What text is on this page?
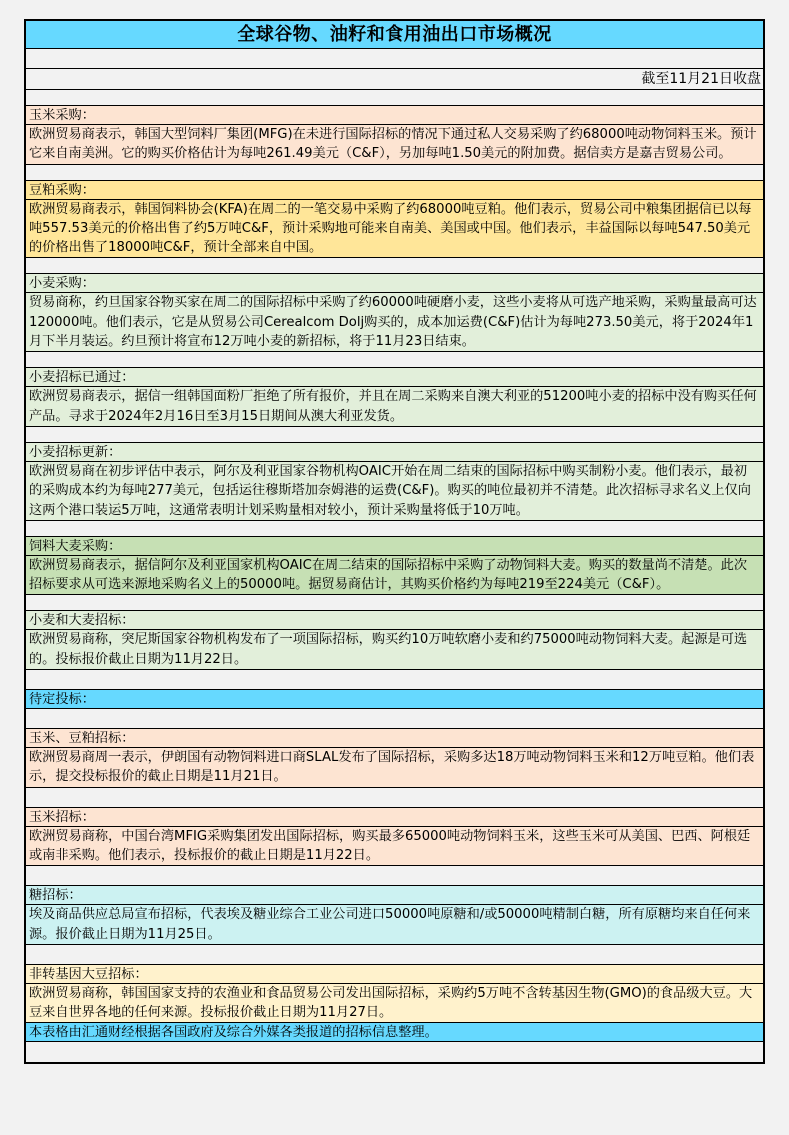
全球谷物、油籽和食用油出口市场概况
截至11月21日收盘
玉米采购：
欧洲贸易商表示，韩国大型饲料厂集团(MFG)在未进行国际招标的情况下通过私人交易采购了约68000吨动物饲料玉米。预计它来自南美洲。它的购买价格估计为每吨261.49美元（C&F），另加每吨1.50美元的附加费。据信卖方是嘉吉贸易公司。
豆粕采购：
欧洲贸易商表示，韩国饲料协会(KFA)在周二的一笔交易中采购了约68000吨豆粕。他们表示，贸易公司中粮集团据信已以每吨557.53美元的价格出售了约5万吨C&F，预计采购地可能来自南美、美国或中国。他们表示，丰益国际以每吨547.50美元的价格出售了18000吨C&F，预计全部来自中国。
小麦采购：
贸易商称，约旦国家谷物买家在周二的国际招标中采购了约60000吨硬磨小麦，这些小麦将从可选产地采购，采购量最高可达120000吨。他们表示，它是从贸易公司Cerealcom Dolj购买的，成本加运费(C&F)估计为每吨273.50美元，将于2024年1月下半月装运。约旦预计将宣布12万吨小麦的新招标，将于11月23日结束。
小麦招标已通过：
欧洲贸易商表示，据信一组韩国面粉厂拒绝了所有报价，并且在周二采购来自澳大利亚的51200吨小麦的招标中没有购买任何产品。寻求于2024年2月16日至3月15日期间从澳大利亚发货。
小麦招标更新：
欧洲贸易商在初步评估中表示，阿尔及利亚国家谷物机构OAIC开始在周二结束的国际招标中购买制粉小麦。他们表示，最初的采购成本约为每吨277美元，包括运往穆斯塔加奈姆港的运费(C&F)。购买的吨位最初并不清楚。此次招标寻求名义上仅向这两个港口装运5万吨，这通常表明计划采购量相对较小，预计采购量将低于10万吨。
饲料大麦采购：
欧洲贸易商表示，据信阿尔及利亚国家机构OAIC在周二结束的国际招标中采购了动物饲料大麦。购买的数量尚不清楚。此次招标要求从可选来源地采购名义上的50000吨。据贸易商估计，其购买价格约为每吨219至224美元（C&F）。
小麦和大麦招标：
欧洲贸易商称，突尼斯国家谷物机构发布了一项国际招标，购买约10万吨软磨小麦和约75000吨动物饲料大麦。起源是可选的。投标报价截止日期为11月22日。
待定投标：
玉米、豆粕招标：
欧洲贸易商周一表示，伊朗国有动物饲料进口商SLAL发布了国际招标，采购多达18万吨动物饲料玉米和12万吨豆粕。他们表示，提交投标报价的截止日期是11月21日。
玉米招标：
欧洲贸易商称，中国台湾MFIG采购集团发出国际招标，购买最多65000吨动物饲料玉米，这些玉米可从美国、巴西、阿根廷或南非采购。他们表示，投标报价的截止日期是11月22日。
糖招标：
埃及商品供应总局宣布招标，代表埃及糖业综合工业公司进口50000吨原糖和/或50000吨精制白糖，所有原糖均来自任何来源。报价截止日期为11月25日。
非转基因大豆招标：
欧洲贸易商称，韩国国家支持的农渔业和食品贸易公司发出国际招标，采购约5万吨不含转基因生物(GMO)的食品级大豆。大豆来自世界各地的任何来源。投标报价截止日期为11月27日。
本表格由汇通财经根据各国政府及综合外媒各类报道的招标信息整理。
